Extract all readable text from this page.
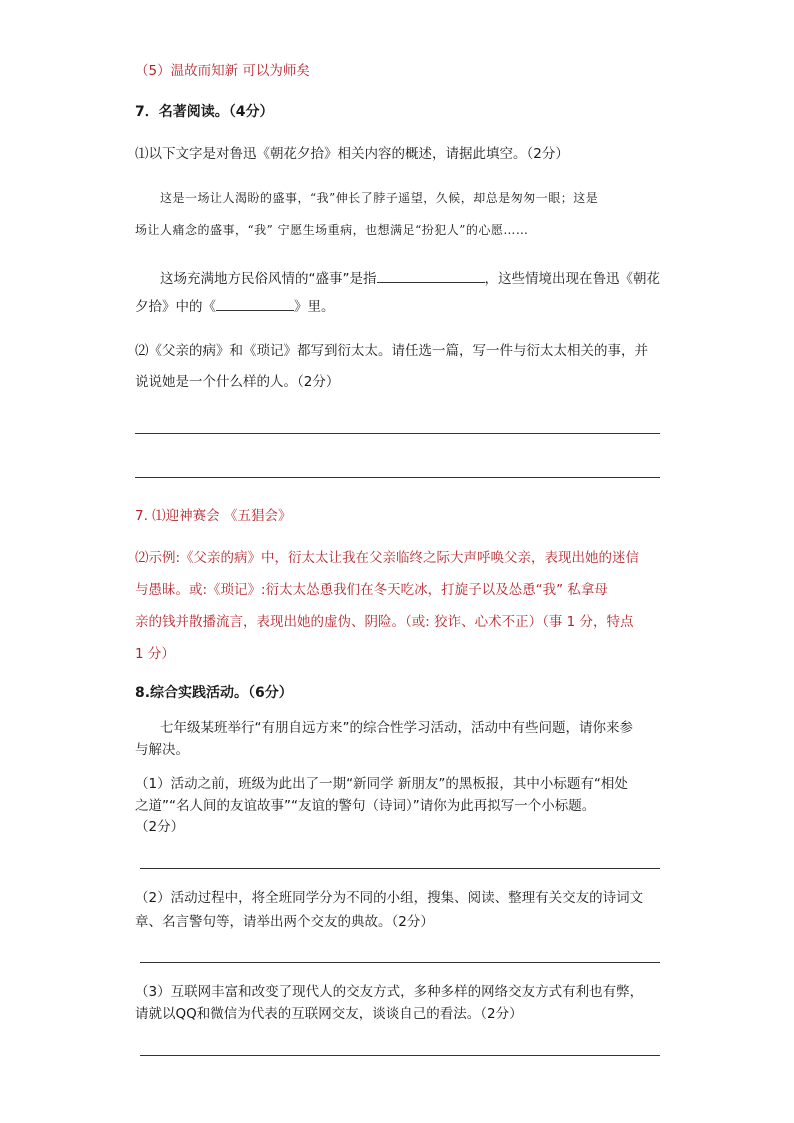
（5）温故而知新 可以为师矣
7．名著阅读。（4分）
⑴以下文字是对鲁迅《朝花夕拾》相关内容的概述，请据此填空。（2分）
这是一场让人渴盼的盛事，“我”伸长了脖子遥望，久候，却总是匆匆一眼；这是
场让人痛念的盛事，“我” 宁愿生场重病，也想满足“扮犯人”的心愿……
这场充满地方民俗风情的“盛事”是指	，这些情境出现在鲁迅《朝花
夕拾》中的《	》里。
⑵《父亲的病》和《琐记》都写到衍太太。请任选一篇，写一件与衍太太相关的事，并
说说她是一个什么样的人。（2分）
7. ⑴迎神赛会 《五猖会》
⑵示例:《父亲的病》中，衍太太让我在父亲临终之际大声呼唤父亲，表现出她的迷信
与愚昧。或:《琐记》:衍太太怂恿我们在冬天吃冰，打旋子以及怂恿“我” 私拿母
亲的钱并散播流言，表现出她的虚伪、阴险。（或: 狡诈、心术不正）（事 1 分，特点
1 分）
8.综合实践活动。（6分）
七年级某班举行“有朋自远方来”的综合性学习活动，活动中有些问题，请你来参
与解决。
（1）活动之前，班级为此出了一期“新同学 新朋友”的黑板报，其中小标题有“相处
之道”“名人间的友谊故事”“友谊的警句（诗词）”请你为此再拟写一个小标题。
（2分）
（2）活动过程中，将全班同学分为不同的小组，搜集、阅读、整理有关交友的诗词文
章、名言警句等，请举出两个交友的典故。（2分）
（3）互联网丰富和改变了现代人的交友方式，多种多样的网络交友方式有利也有弊，
请就以QQ和微信为代表的互联网交友，谈谈自己的看法。（2分）
